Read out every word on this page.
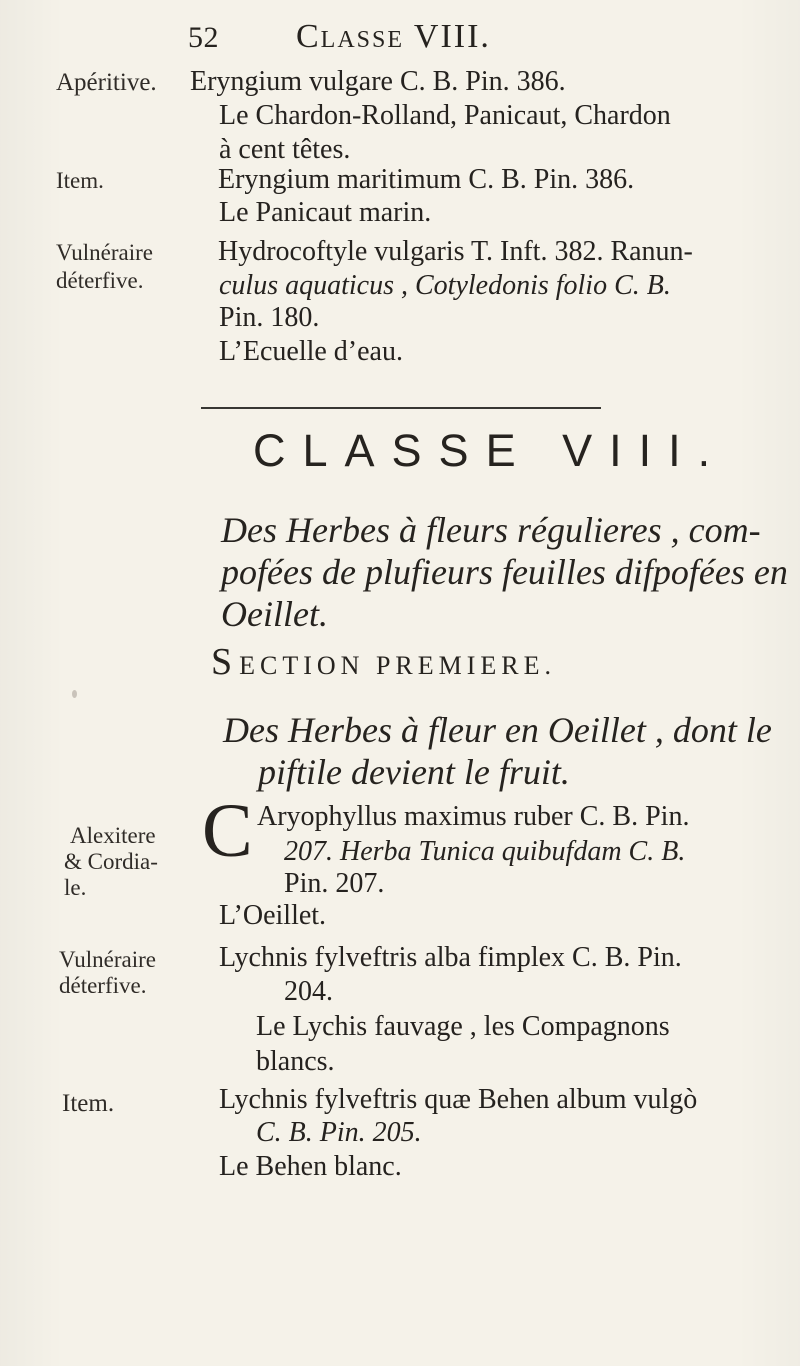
52 Classe VIII.
Apéritive. Eryngium vulgare C. B. Pin. 386.
Le Chardon-Rolland, Panicaut, Chardon
à cent têtes.
Item.	Eryngium maritimum C. B. Pin. 386.
Le Panicaut marin.
Vulnéraire
déterfive.
Hydrocoftyle vulgaris T. Inft. 382. Ranun-
culus aquaticus , Cotyledonis folio C. B.
Pin. 180.
L’Ecuelle d’eau.
CLASSE VIII.
Des Herbes à fleurs régulieres , com-
pofées de plufieurs feuilles difpofées en
Oeillet.
SECTION PREMIERE.
Des Herbes à fleur en Oeillet , dont le
piftile devient le fruit.
Alexitere
& Cordia-
le.
C Aryophyllus maximus ruber C. B. Pin.
207. Herba Tunica quibufdam C. B.
Pin. 207.
L’Oeillet.
Vulnéraire
déterfive.
Lychnis fylveftris alba fimplex C. B. Pin.
204.
Le Lychis fauvage , les Compagnons
blancs.
Item.	Lychnis fylveftris quæ Behen album vulgò
C. B. Pin. 205.
Le Behen blanc.
